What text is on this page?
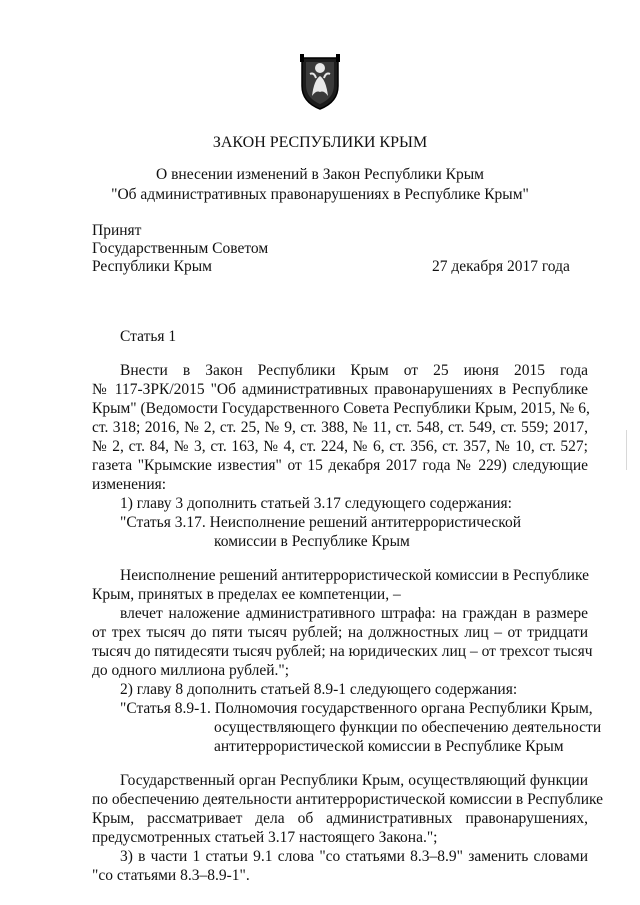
ЗАКОН РЕСПУБЛИКИ КРЫМ
О внесении изменений в Закон Республики Крым
"Об административных правонарушениях в Республике Крым"
Принят
Государственным Советом
Республики Крым	27 декабря 2017 года
Статья 1
Внести в Закон Республики Крым от 25 июня 2015 года
№ 117-ЗРК/2015 "Об административных правонарушениях в Республике
Крым" (Ведомости Государственного Совета Республики Крым, 2015, № 6,
ст. 318; 2016, № 2, ст. 25, № 9, ст. 388, № 11, ст. 548, ст. 549, ст. 559; 2017,
№ 2, ст. 84, № 3, ст. 163, № 4, ст. 224, № 6, ст. 356, ст. 357, № 10, ст. 527;
газета "Крымские известия" от 15 декабря 2017 года № 229) следующие
изменения:
1) главу 3 дополнить статьей 3.17 следующего содержания:
"Статья 3.17. Неисполнение решений антитеррористической
комиссии в Республике Крым
Неисполнение решений антитеррористической комиссии в Республике
Крым, принятых в пределах ее компетенции, –
влечет наложение административного штрафа: на граждан в размере
от трех тысяч до пяти тысяч рублей; на должностных лиц – от тридцати
тысяч до пятидесяти тысяч рублей; на юридических лиц – от трехсот тысяч
до одного миллиона рублей.";
2) главу 8 дополнить статьей 8.9-1 следующего содержания:
"Статья 8.9-1. Полномочия государственного органа Республики Крым,
осуществляющего функции по обеспечению деятельности
антитеррористической комиссии в Республике Крым
Государственный орган Республики Крым, осуществляющий функции
по обеспечению деятельности антитеррористической комиссии в Республике
Крым, рассматривает дела об административных правонарушениях,
предусмотренных статьей 3.17 настоящего Закона.";
3) в части 1 статьи 9.1 слова "со статьями 8.3–8.9" заменить словами
"со статьями 8.3–8.9-1".
